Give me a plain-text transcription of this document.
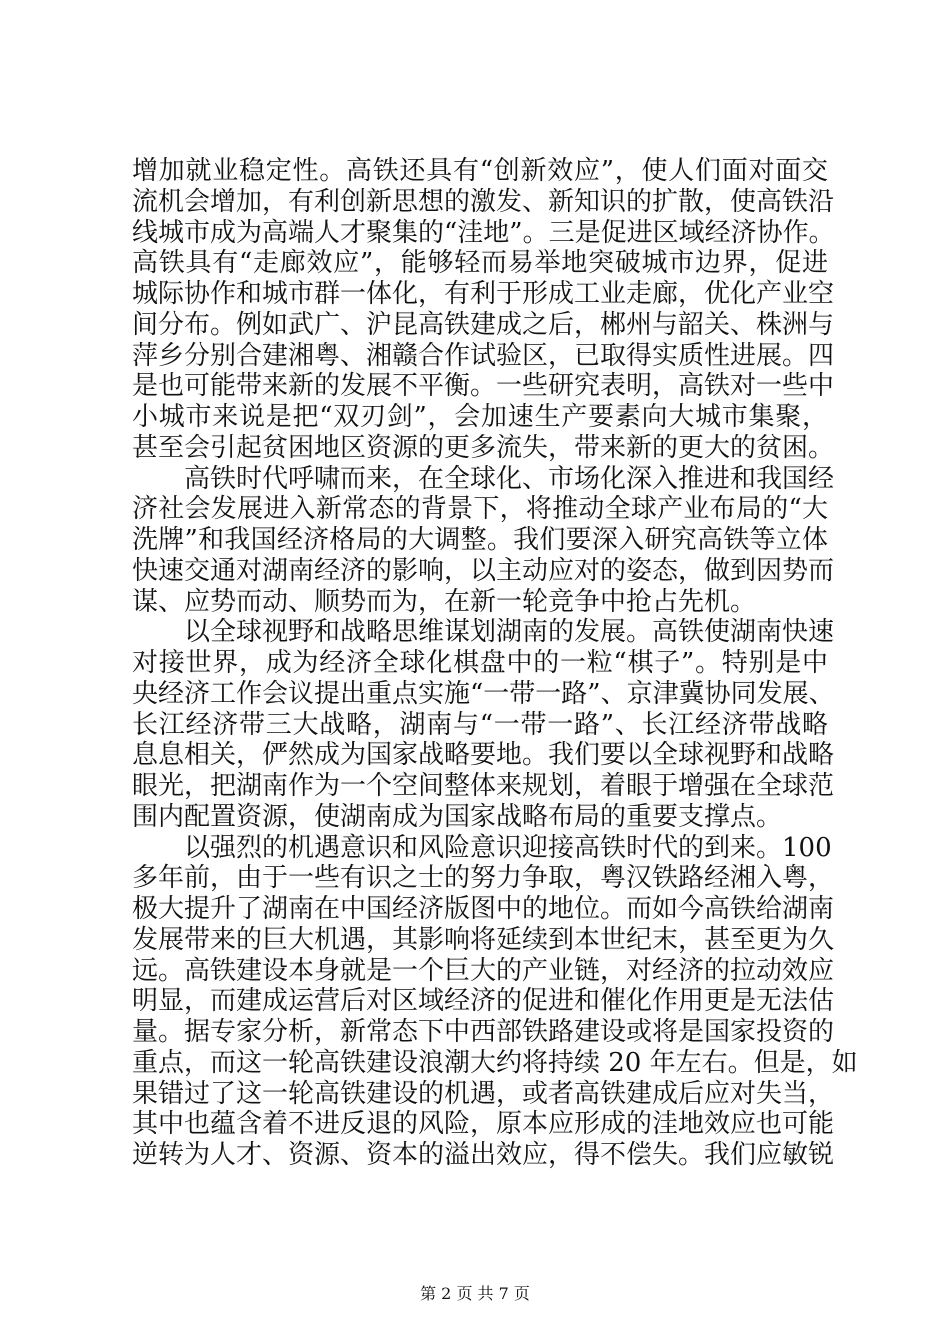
增加就业稳定性。高铁还具有“创新效应”，使人们面对面交
流机会增加，有利创新思想的激发、新知识的扩散，使高铁沿
线城市成为高端人才聚集的“洼地”。三是促进区域经济协作。
高铁具有“走廊效应”，能够轻而易举地突破城市边界，促进
城际协作和城市群一体化，有利于形成工业走廊，优化产业空
间分布。例如武广、沪昆高铁建成之后，郴州与韶关、株洲与
萍乡分别合建湘粤、湘赣合作试验区，已取得实质性进展。四
是也可能带来新的发展不平衡。一些研究表明，高铁对一些中
小城市来说是把“双刃剑”，会加速生产要素向大城市集聚，
甚至会引起贫困地区资源的更多流失，带来新的更大的贫困。
高铁时代呼啸而来，在全球化、市场化深入推进和我国经
济社会发展进入新常态的背景下，将推动全球产业布局的“大
洗牌”和我国经济格局的大调整。我们要深入研究高铁等立体
快速交通对湖南经济的影响，以主动应对的姿态，做到因势而
谋、应势而动、顺势而为，在新一轮竞争中抢占先机。
以全球视野和战略思维谋划湖南的发展。高铁使湖南快速
对接世界，成为经济全球化棋盘中的一粒“棋子”。特别是中
央经济工作会议提出重点实施“一带一路”、京津冀协同发展、
长江经济带三大战略，湖南与“一带一路”、长江经济带战略
息息相关，俨然成为国家战略要地。我们要以全球视野和战略
眼光，把湖南作为一个空间整体来规划，着眼于增强在全球范
围内配置资源，使湖南成为国家战略布局的重要支撑点。
以强烈的机遇意识和风险意识迎接高铁时代的到来。100
多年前，由于一些有识之士的努力争取，粤汉铁路经湘入粤，
极大提升了湖南在中国经济版图中的地位。而如今高铁给湖南
发展带来的巨大机遇，其影响将延续到本世纪末，甚至更为久
远。高铁建设本身就是一个巨大的产业链，对经济的拉动效应
明显，而建成运营后对区域经济的促进和催化作用更是无法估
量。据专家分析，新常态下中西部铁路建设或将是国家投资的
重点，而这一轮高铁建设浪潮大约将持续 20 年左右。但是，如
果错过了这一轮高铁建设的机遇，或者高铁建成后应对失当，
其中也蕴含着不进反退的风险，原本应形成的洼地效应也可能
逆转为人才、资源、资本的溢出效应，得不偿失。我们应敏锐
第 2 页 共 7 页
